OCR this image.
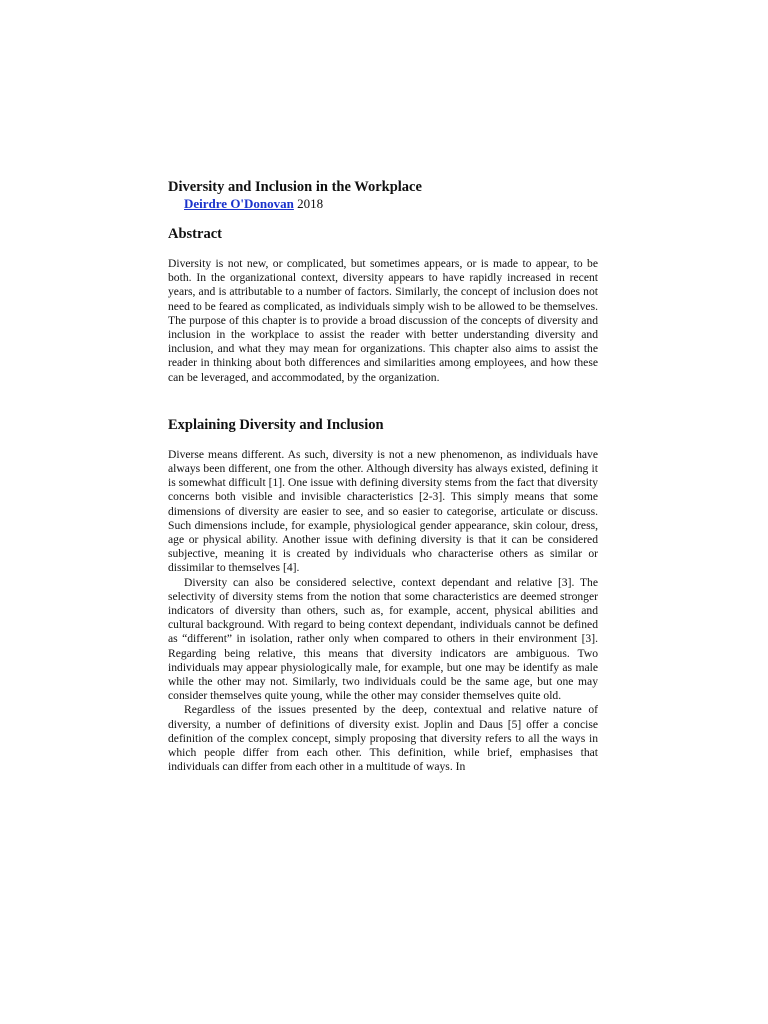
Diversity and Inclusion in the Workplace

Deirdre O'Donovan 2018

Abstract

Diversity is not new, or complicated, but sometimes appears, or is made to appear, to be both. In the organizational context, diversity appears to have rapidly increased in recent years, and is attributable to a number of factors. Similarly, the concept of inclusion does not need to be feared as complicated, as individuals simply wish to be allowed to be themselves. The purpose of this chapter is to provide a broad discussion of the concepts of diversity and inclusion in the workplace to assist the reader with better understanding diversity and inclusion, and what they may mean for organizations. This chapter also aims to assist the reader in thinking about both differences and similarities among employees, and how these can be leveraged, and accommodated, by the organization.

Explaining Diversity and Inclusion

Diverse means different. As such, diversity is not a new phenomenon, as individuals have always been different, one from the other. Although diversity has always existed, defining it is somewhat difficult [1]. One issue with defining diversity stems from the fact that diversity concerns both visible and invisible characteristics [2-3]. This simply means that some dimensions of diversity are easier to see, and so easier to categorise, articulate or discuss. Such dimensions include, for example, physiological gender appearance, skin colour, dress, age or physical ability. Another issue with defining diversity is that it can be considered subjective, meaning it is created by individuals who characterise others as similar or dissimilar to themselves [4].

Diversity can also be considered selective, context dependant and relative [3]. The selectivity of diversity stems from the notion that some characteristics are deemed stronger indicators of diversity than others, such as, for example, accent, physical abilities and cultural background. With regard to being context dependant, individuals cannot be defined as “different” in isolation, rather only when compared to others in their environment [3]. Regarding being relative, this means that diversity indicators are ambiguous. Two individuals may appear physiologically male, for example, but one may be identify as male while the other may not. Similarly, two individuals could be the same age, but one may consider themselves quite young, while the other may consider themselves quite old.

Regardless of the issues presented by the deep, contextual and relative nature of diversity, a number of definitions of diversity exist. Joplin and Daus [5] offer a concise definition of the complex concept, simply proposing that diversity refers to all the ways in which people differ from each other. This definition, while brief, emphasises that individuals can differ from each other in a multitude of ways. In
